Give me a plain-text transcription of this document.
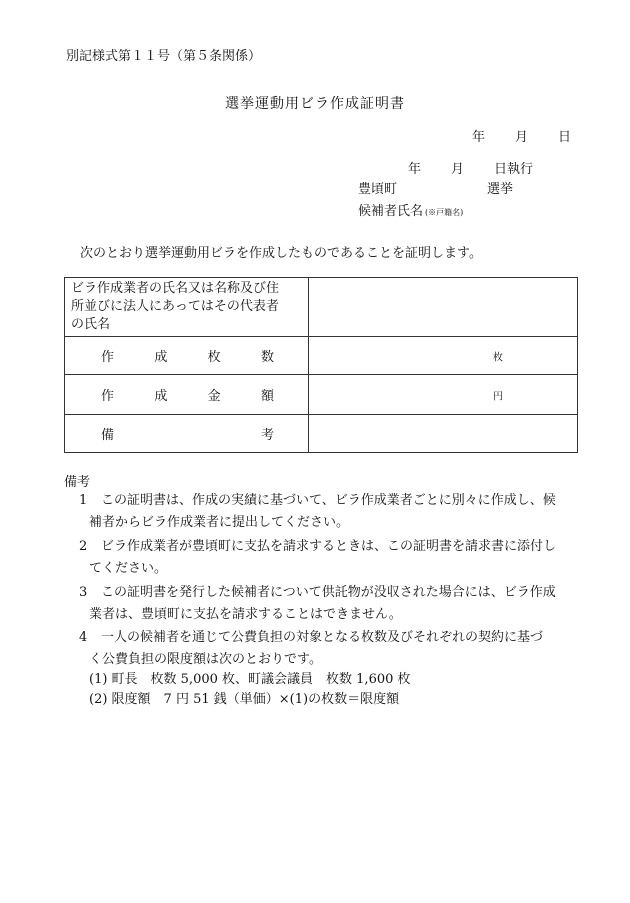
別記様式第１１号（第５条関係）
選挙運動用ビラ作成証明書
年 月 日
年 月 日執行
豊頃町	選挙
候補者氏名 (※戸籍名)
次のとおり選挙運動用ビラを作成したものであることを証明します。
ビラ作成業者の氏名又は名称及び住
所並びに法人にあってはその代表者
の氏名	

作 成 枚 数	枚

作 成 金 額	円

備 考	

備考
1	この証明書は、作成の実績に基づいて、ビラ作成業者ごとに別々に作成し、候
補者からビラ作成業者に提出してください。
2	ビラ作成業者が豊頃町に支払を請求するときは、この証明書を請求書に添付し
てください。
3	この証明書を発行した候補者について供託物が没収された場合には、ビラ作成
業者は、豊頃町に支払を請求することはできません。
4	一人の候補者を通じて公費負担の対象となる枚数及びそれぞれの契約に基づ
く公費負担の限度額は次のとおりです。
(1) 町長　枚数 5,000 枚、町議会議員　枚数 1,600 枚
(2) 限度額　7 円 51 銭（単価）×(1)の枚数＝限度額
